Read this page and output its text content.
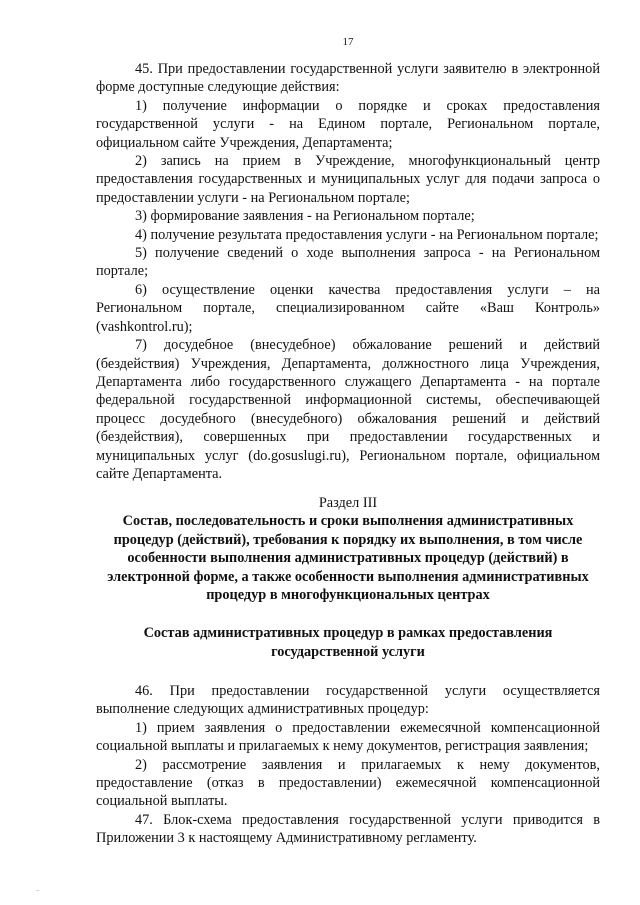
17

45. При предоставлении государственной услуги заявителю в электронной форме доступные следующие действия:

1) получение информации о порядке и сроках предоставления государственной услуги - на Едином портале, Региональном портале, официальном сайте Учреждения, Департамента;

2) запись на прием в Учреждение, многофункциональный центр предоставления государственных и муниципальных услуг для подачи запроса о предоставлении услуги - на Региональном портале;

3) формирование заявления - на Региональном портале;

4) получение результата предоставления услуги - на Региональном портале;

5) получение сведений о ходе выполнения запроса - на Региональном портале;

6) осуществление оценки качества предоставления услуги – на Региональном портале, специализированном сайте «Ваш Контроль» (vashkontrol.ru);

7) досудебное (внесудебное) обжалование решений и действий (бездействия) Учреждения, Департамента, должностного лица Учреждения, Департамента либо государственного служащего Департамента - на портале федеральной государственной информационной системы, обеспечивающей процесс досудебного (внесудебного) обжалования решений и действий (бездействия), совершенных при предоставлении государственных и муниципальных услуг (do.gosuslugi.ru), Региональном портале, официальном сайте Департамента.

Раздел III

Состав, последовательность и сроки выполнения административных процедур (действий), требования к порядку их выполнения, в том числе особенности выполнения административных процедур (действий) в электронной форме, а также особенности выполнения административных процедур в многофункциональных центрах

Состав административных процедур в рамках предоставления государственной услуги

46. При предоставлении государственной услуги осуществляется выполнение следующих административных процедур:

1) прием заявления о предоставлении ежемесячной компенсационной социальной выплаты и прилагаемых к нему документов, регистрация заявления;

2) рассмотрение заявления и прилагаемых к нему документов, предоставление (отказ в предоставлении) ежемесячной компенсационной социальной выплаты.

47. Блок-схема предоставления государственной услуги приводится в Приложении 3 к настоящему Административному регламенту.

–
